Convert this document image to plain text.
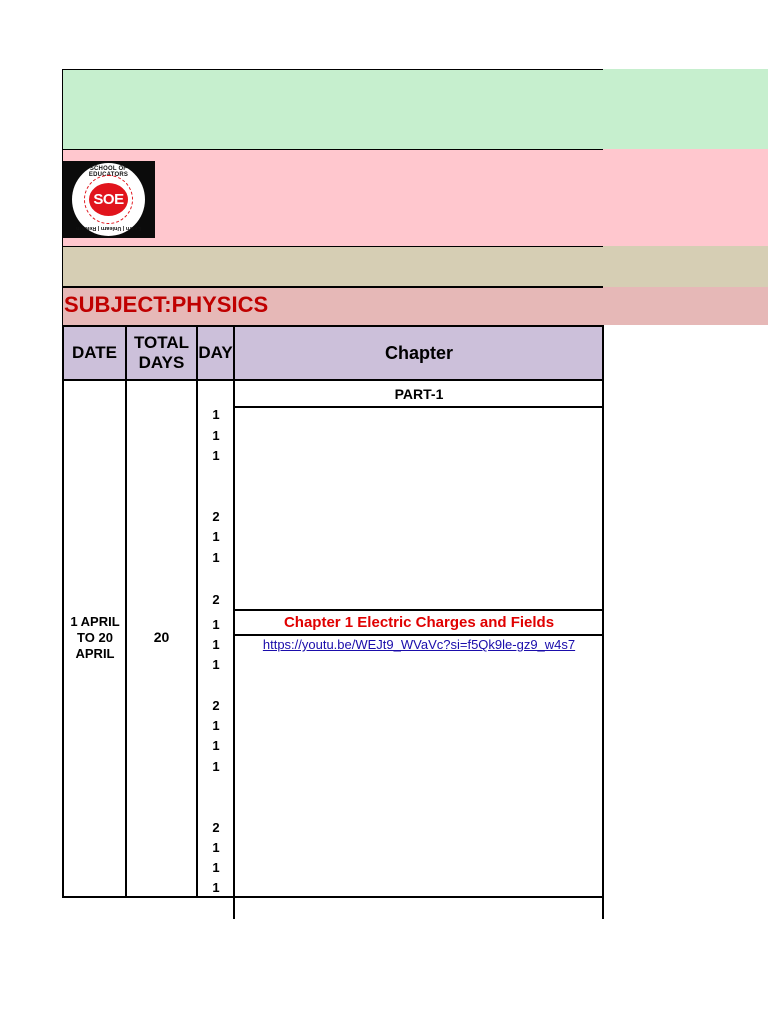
SCHOOL OF EDUCATORS
SOE
Learn | Unlearn | Relearn
SUBJECT:PHYSICS
DATE
TOTAL
DAYS
DAY	Chapter
PART-1
1 APRIL
TO 20
APRIL
20
1
1
1
2
1
1
2
1
1
1
2
1
1
1
2
1
1
1
Chapter 1 Electric Charges and Fields
https://youtu.be/WEJt9_WVaVc?si=f5Qk9le-gz9_w4s7
